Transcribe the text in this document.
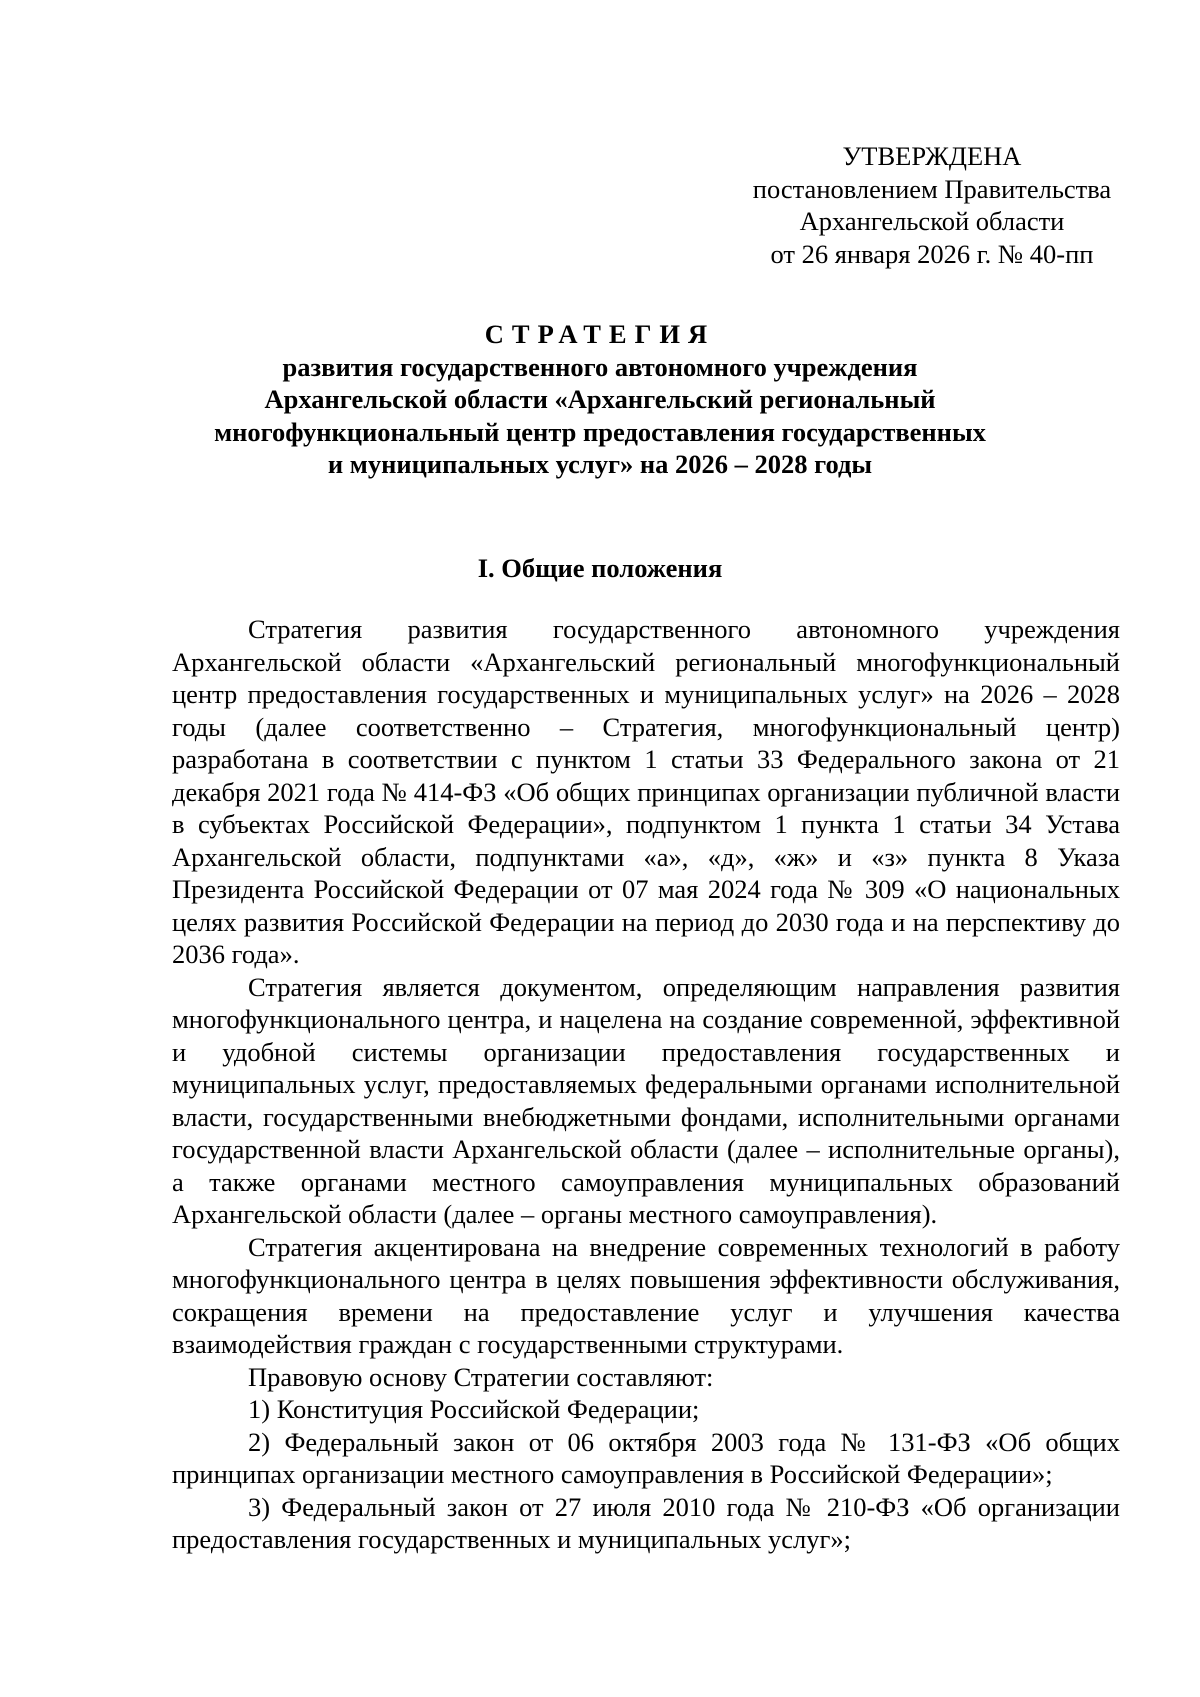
УТВЕРЖДЕНА
постановлением Правительства
Архангельской области
от 26 января 2026 г. № 40-пп
СТРАТЕГИЯ
развития государственного автономного учреждения
Архангельской области «Архангельский региональный
многофункциональный центр предоставления государственных
и муниципальных услуг» на 2026 – 2028 годы
I. Общие положения

Стратегия развития государственного автономного учреждения Архангельской области «Архангельский региональный многофункциональный центр предоставления государственных и муниципальных услуг» на 2026 – 2028 годы (далее соответственно – Стратегия, многофункциональный центр) разработана в соответствии с пунктом 1 статьи 33 Федерального закона от 21 декабря 2021 года № 414-ФЗ «Об общих принципах организации публичной власти в субъектах Российской Федерации», подпунктом 1 пункта 1 статьи 34 Устава Архангельской области, подпунктами «а», «д», «ж» и «з» пункта 8 Указа Президента Российской Федерации от 07 мая 2024 года № 309 «О национальных целях развития Российской Федерации на период до 2030 года и на перспективу до 2036 года».

Стратегия является документом, определяющим направления развития многофункционального центра, и нацелена на создание современной, эффективной и удобной системы организации предоставления государственных и муниципальных услуг, предоставляемых федеральными органами исполнительной власти, государственными внебюджетными фондами, исполнительными органами государственной власти Архангельской области (далее – исполнительные органы), а также органами местного самоуправления муниципальных образований Архангельской области (далее – органы местного самоуправления).

Стратегия акцентирована на внедрение современных технологий в работу многофункционального центра в целях повышения эффективности обслуживания, сокращения времени на предоставление услуг и улучшения качества взаимодействия граждан с государственными структурами.

Правовую основу Стратегии составляют:

1) Конституция Российской Федерации;

2) Федеральный закон от 06 октября 2003 года № 131-ФЗ «Об общих принципах организации местного самоуправления в Российской Федерации»;

3) Федеральный закон от 27 июля 2010 года № 210-ФЗ «Об организации предоставления государственных и муниципальных услуг»;
